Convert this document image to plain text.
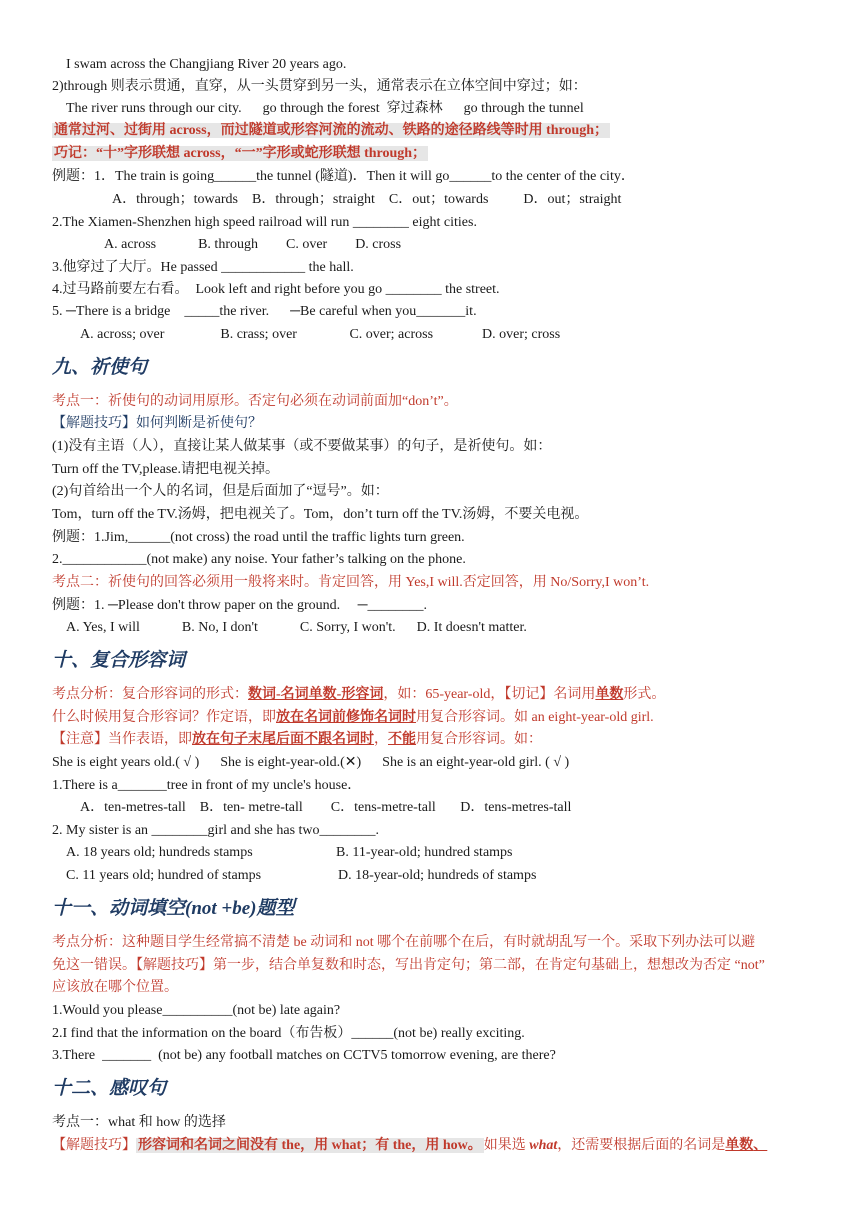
I swam across the Changjiang River 20 years ago.
2)through 则表示贯通，直穿，从一头贯穿到另一头，通常表示在立体空间中穿过；如：
The river runs through our city.      go through the forest  穿过森林      go through the tunnel
通常过河、过街用 across，而过隧道或形容河流的流动、铁路的途径路线等时用 through；
巧记：“十”字形联想 across，“一”字形或蛇形联想 through；
例题：1．The train is going______the tunnel (隧道)．Then it will go______to the center of the city．
A．through；towards    B．through；straight    C．out；towards          D．out；straight
2.The Xiamen-Shenzhen high speed railroad will run ________ eight cities.
A. across            B. through        C. over        D. cross
3.他穿过了大厅。He passed ____________ the hall.
4.过马路前要左右看。  Look left and right before you go ________ the street.
5. ─There is a bridge    _____the river.      ─Be careful when you_______it.
A. across; over                B. crass; over               C. over; across              D. over; cross
九、祈使句
考点一：祈使句的动词用原形。否定句必须在动词前面加“don’t”。
【解题技巧】如何判断是祈使句？
(1)没有主语（人），直接让某人做某事（或不要做某事）的句子，是祈使句。如：
Turn off the TV,please.请把电视关掉。
(2)句首给出一个人的名词，但是后面加了“逗号”。如：
Tom，turn off the TV.汤姆，把电视关了。Tom，don’t turn off the TV.汤姆，不要关电视。
例题：1.Jim,______(not cross) the road until the traffic lights turn green.
2.____________(not make) any noise. Your father’s talking on the phone.
考点二：祈使句的回答必须用一般将来时。肯定回答，用 Yes,I will.否定回答，用 No/Sorry,I won’t.
例题：1. ─Please don't throw paper on the ground.     ─________.
A. Yes, I will            B. No, I don't            C. Sorry, I won't.      D. It doesn't matter.
十、复合形容词
考点分析：复合形容词的形式：数词-名词单数-形容词，如：65-year-old，【切记】名词用单数形式。
什么时候用复合形容词？作定语，即放在名词前修饰名词时用复合形容词。如 an eight-year-old girl.
【注意】当作表语，即放在句子末尾后面不跟名词时，不能用复合形容词。如：
She is eight years old.( √ )      She is eight-year-old.(✕)      She is an eight-year-old girl. ( √ )
1.There is a_______tree in front of my uncle's house．
A．ten-metres-tall    B．ten- metre-tall        C．tens-metre-tall       D．tens-metres-tall
2. My sister is an ________girl and she has two________.
A. 18 years old; hundreds stamps	B. 11-year-old; hundred stamps
C. 11 years old; hundred of stamps	D. 18-year-old; hundreds of stamps
十一、动词填空(not +be)题型
考点分析：这种题目学生经常搞不清楚 be 动词和 not 哪个在前哪个在后，有时就胡乱写一个。采取下列办法可以避
免这一错误。【解题技巧】第一步，结合单复数和时态，写出肯定句；第二部，在肯定句基础上，想想改为否定 “not”
应该放在哪个位置。
1.Would you please__________(not be) late again?
2.I find that the information on the board（布告板）______(not be) really exciting.
3.There  _______  (not be) any football matches on CCTV5 tomorrow evening, are there?
十二、感叹句
考点一：what 和 how 的选择
【解题技巧】 形容词和名词之间没有 the，用 what；有 the，用 how。 如果选 what，还需要根据后面的名词是单数、
